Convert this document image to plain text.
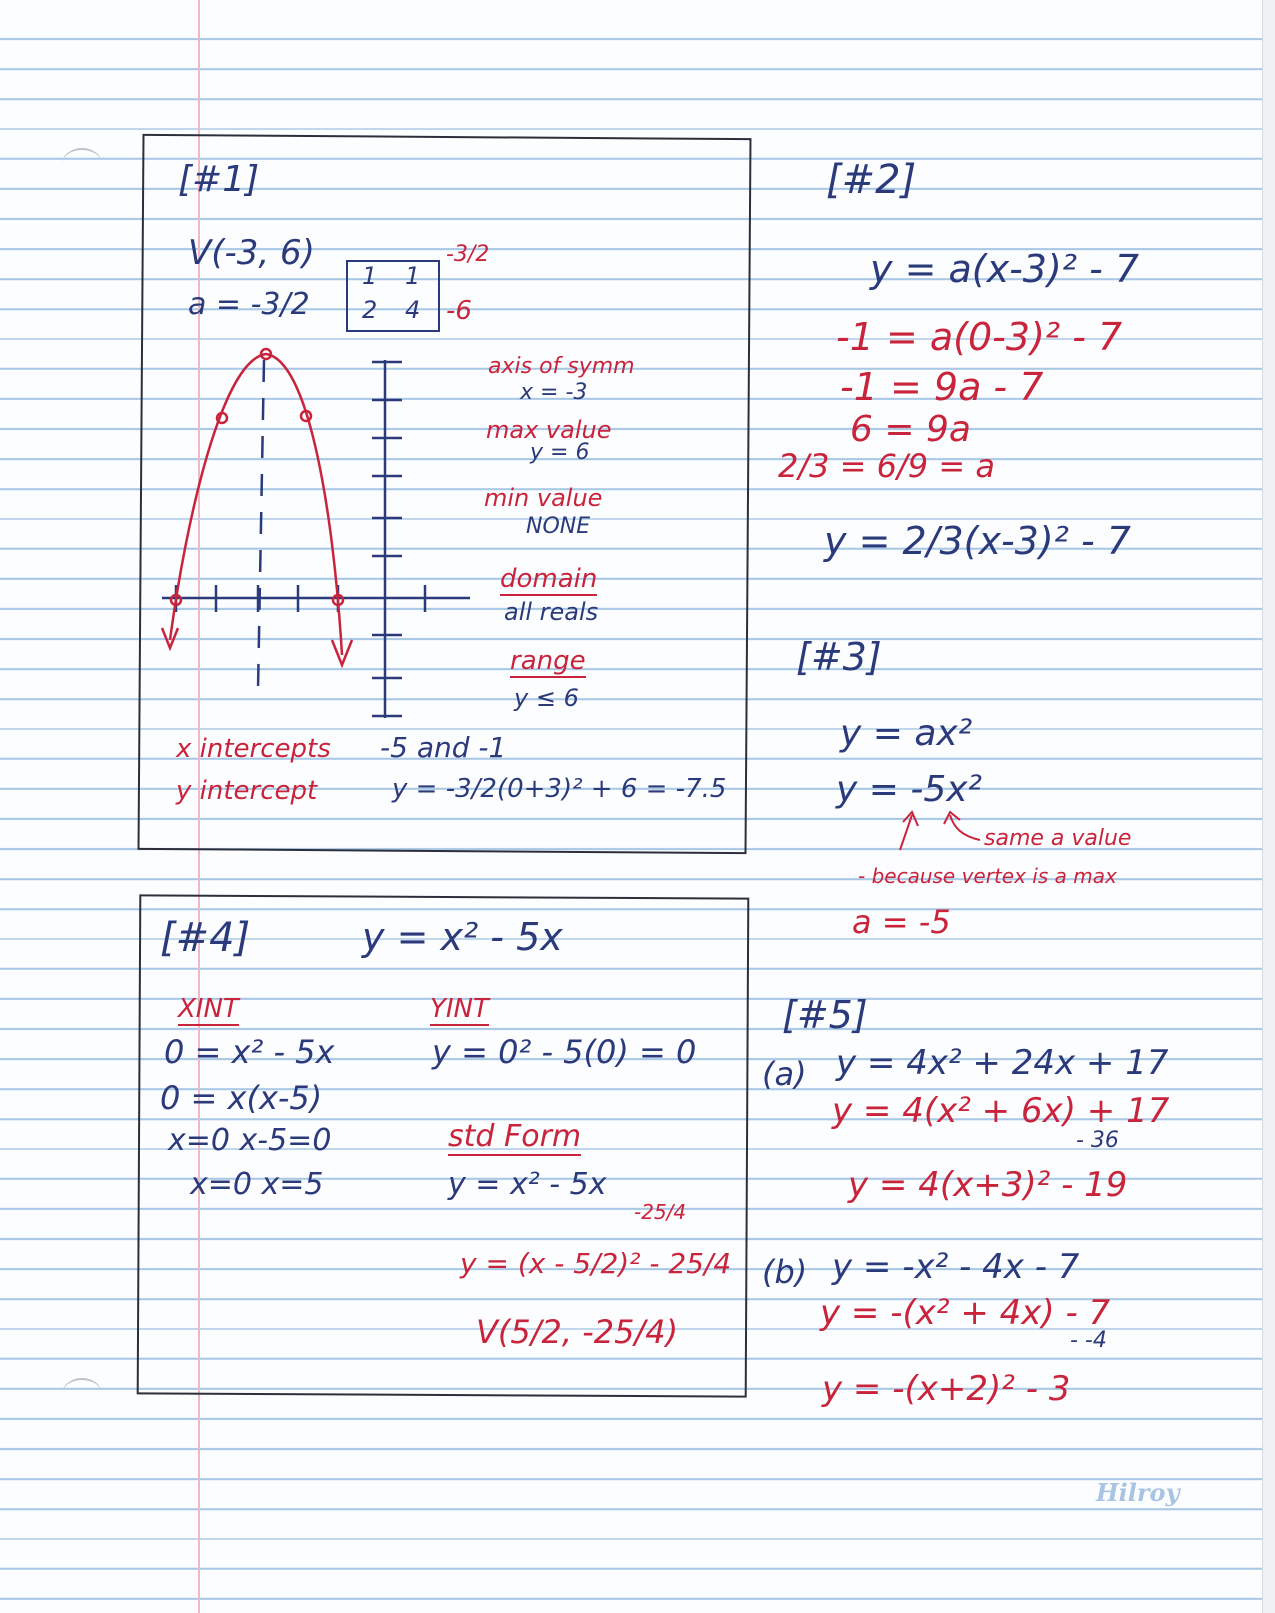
[#1]
V(-3, 6)
a = -3/2
1 1
2 4
-3/2
-6
axis of symm
x = -3
max value
y = 6
min value
NONE
domain
all reals
range
y ≤ 6
x intercepts -5 and -1
y intercept	y = -3/2(0+3)² + 6 = -7.5
[#2]
y = a(x-3)² - 7
-1 = a(0-3)² - 7
-1 = 9a - 7
6 = 9a
2/3 = 6/9 = a
y = 2/3(x-3)² - 7
[#3]
y = ax²
y = -5x²
same a value
- because vertex is a max
a = -5
[#4]	y = x² - 5x
XINT
0 = x² - 5x
0 = x(x-5)
x=0 x-5=0
x=0 x=5
YINT
y = 0² - 5(0) = 0
std Form
y = x² - 5x
-25/4
y = (x - 5/2)² - 25/4
V(5/2, -25/4)
[#5]
(a) y = 4x² + 24x + 17
y = 4(x² + 6x) + 17
- 36
y = 4(x+3)² - 19
(b) y = -x² - 4x - 7
y = -(x² + 4x) - 7
- -4
y = -(x+2)² - 3
Hilroy
